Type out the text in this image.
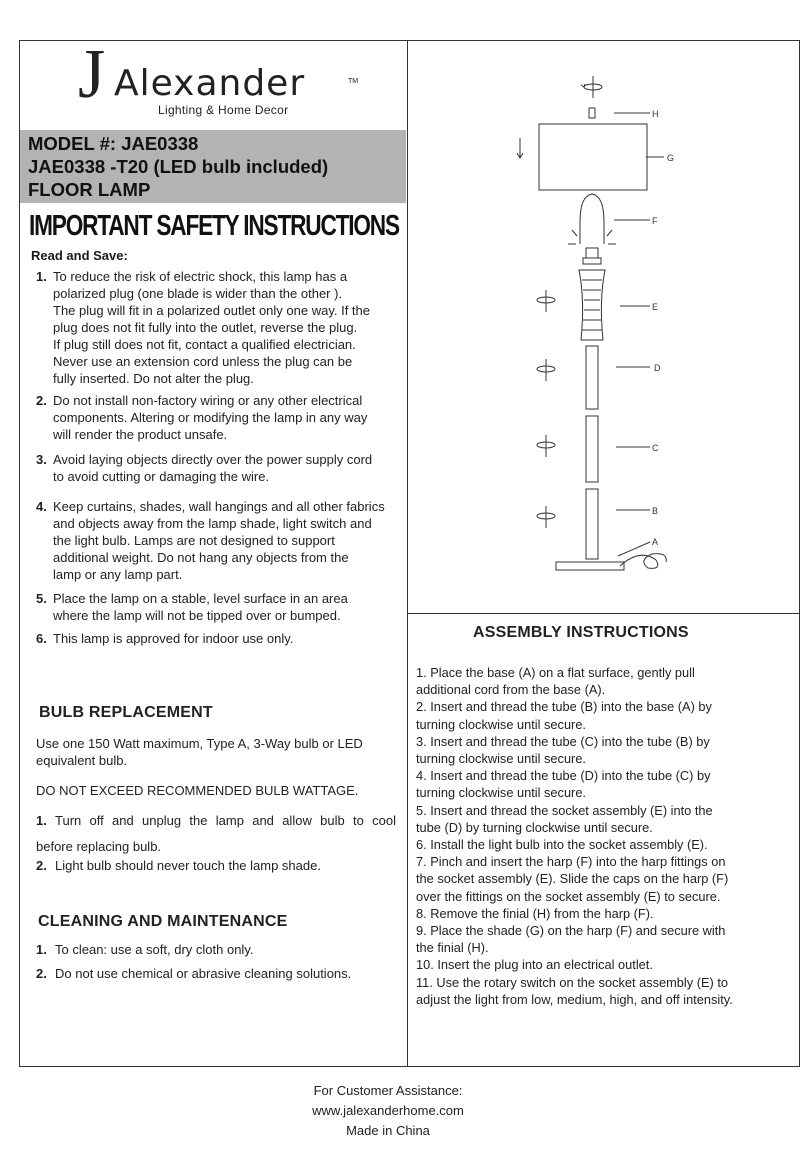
J Alexander	TM
Lighting & Home Decor
MODEL #: JAE0338
JAE0338 -T20 (LED bulb included)
FLOOR LAMP
IMPORTANT SAFETY INSTRUCTIONS
Read and Save:
1. To reduce the risk of electric shock, this lamp has a
polarized plug (one blade is wider than the other ).
The plug will fit in a polarized outlet only one way. If the
plug does not fit fully into the outlet, reverse the plug.
If plug still does not fit, contact a qualified electrician.
Never use an extension cord unless the plug can be
fully inserted. Do not alter the plug.
2. Do not install non-factory wiring or any other electrical
components. Altering or modifying the lamp in any way
will render the product unsafe.
3. Avoid laying objects directly over the power supply cord
to avoid cutting or damaging the wire.
4. Keep curtains, shades, wall hangings and all other fabrics
and objects away from the lamp shade, light switch and
the light bulb. Lamps are not designed to support
additional weight. Do not hang any objects from the
lamp or any lamp part.
5. Place the lamp on a stable, level surface in an area
where the lamp will not be tipped over or bumped.
6. This lamp is approved for indoor use only.
BULB REPLACEMENT
Use one 150 Watt maximum, Type A, 3-Way bulb or LED
equivalent bulb.
DO NOT EXCEED RECOMMENDED BULB WATTAGE.
1. Turn off and unplug the lamp and allow bulb to cool
before replacing bulb.
2. Light bulb should never touch the lamp shade.
CLEANING AND MAINTENANCE
1. To clean: use a soft, dry cloth only.
2. Do not use chemical or abrasive cleaning solutions.
H
G
F
E
D
C
B
A
ASSEMBLY INSTRUCTIONS
1. Place the base (A) on a flat surface, gently pull
additional cord from the base (A).
2. Insert and thread the tube (B) into the base (A) by
turning clockwise until secure.
3. Insert and thread the tube (C) into the tube (B) by
turning clockwise until secure.
4. Insert and thread the tube (D) into the tube (C) by
turning clockwise until secure.
5. Insert and thread the socket assembly (E) into the
tube (D) by turning clockwise until secure.
6. Install the light bulb into the socket assembly (E).
7. Pinch and insert the harp (F) into the harp fittings on
the socket assembly (E). Slide the caps on the harp (F)
over the fittings on the socket assembly (E) to secure.
8. Remove the finial (H) from the harp (F).
9. Place the shade (G) on the harp (F) and secure with
the finial (H).
10. Insert the plug into an electrical outlet.
11. Use the rotary switch on the socket assembly (E) to
adjust the light from low, medium, high, and off intensity.
For Customer Assistance:
www.jalexanderhome.com
Made in China
